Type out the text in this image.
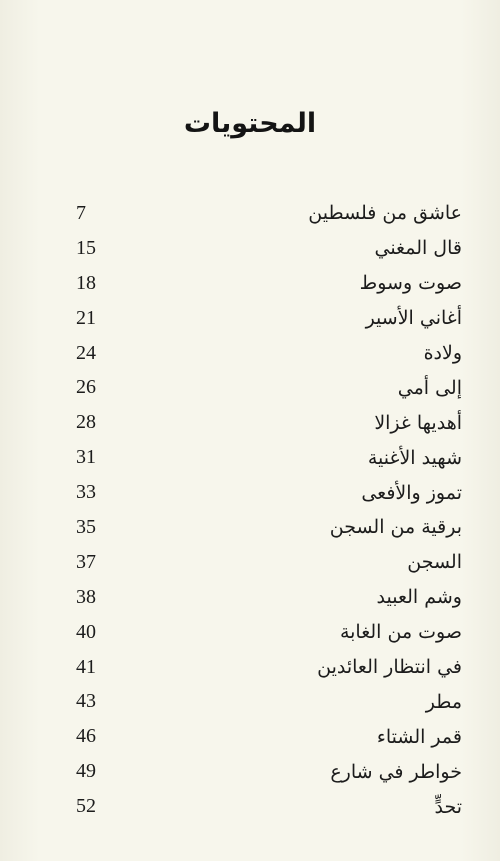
المحتويات
عاشق من فلسطين
7
قال المغني
15
صوت وسوط
18
أغاني الأسير
21
ولادة
24
إلى أمي
26
أهديها غزالا
28
شهيد الأغنية
31
تموز والأفعى
33
برقية من السجن
35
السجن
37
وشم العبيد
38
صوت من الغابة
40
في انتظار العائدين
41
مطر
43
قمر الشتاء
46
خواطر في شارع
49
تحدٍّ
52
